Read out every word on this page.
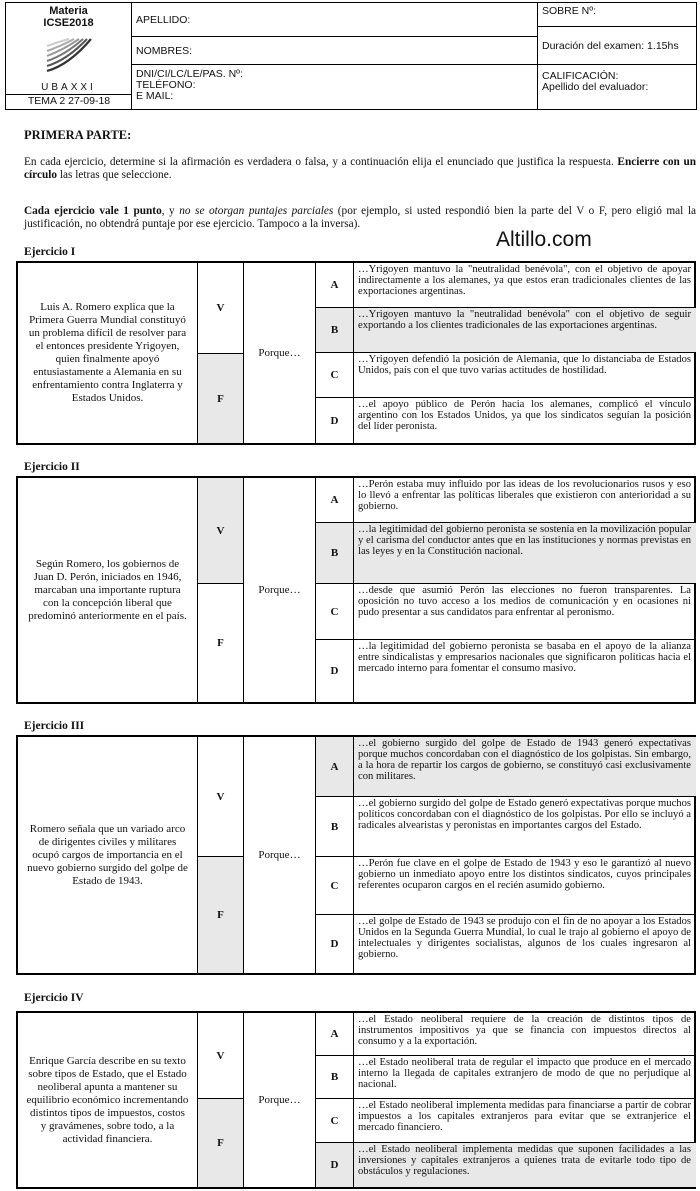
Materia
ICSE2018
UBAXXI
TEMA 2 27-09-18
APELLIDO:
NOMBRES:
DNI/CI/LC/LE/PAS. Nº:
TELÉFONO:
E MAIL:
SOBRE Nº:
Duración del examen: 1.15hs
CALIFICACIÓN:
Apellido del evaluador:
PRIMERA PARTE:
En cada ejercicio, determine si la afirmación es verdadera o falsa, y a continuación elija el enunciado que justifica la respuesta. Encierre con un círculo las letras que seleccione.
Cada ejercicio vale 1 punto, y no se otorgan puntajes parciales (por ejemplo, si usted respondió bien la parte del V o F, pero eligió mal la justificación, no obtendrá puntaje por ese ejercicio. Tampoco a la inversa).
Altillo.com
Ejercicio I
Luis A. Romero explica que la Primera Guerra Mundial constituyó un problema difícil de resolver para el entonces presidente Yrigoyen, quien finalmente apoyó entusiastamente a Alemania en su enfrentamiento contra Inglaterra y Estados Unidos.
V
F
Porque…
A
…Yrigoyen mantuvo la "neutralidad benévola", con el objetivo de apoyar indirectamente a los alemanes, ya que estos eran tradicionales clientes de las exportaciones argentinas.
B
…Yrigoyen mantuvo la "neutralidad benévola" con el objetivo de seguir exportando a los clientes tradicionales de las exportaciones argentinas.
C
…Yrigoyen defendió la posición de Alemania, que lo distanciaba de Estados Unidos, país con el que tuvo varias actitudes de hostilidad.
D
…el apoyo público de Perón hacia los alemanes, complicó el vínculo argentino con los Estados Unidos, ya que los sindicatos seguían la posición del líder peronista.
Ejercicio II
Según Romero, los gobiernos de Juan D. Perón, iniciados en 1946, marcaban una importante ruptura con la concepción liberal que predominó anteriormente en el país.
V
F
Porque…
A
…Perón estaba muy influido por las ideas de los revolucionarios rusos y eso lo llevó a enfrentar las políticas liberales que existieron con anterioridad a su gobierno.
B
…la legitimidad del gobierno peronista se sostenía en la movilización popular y el carisma del conductor antes que en las instituciones y normas previstas en las leyes y en la Constitución nacional.
C
…desde que asumió Perón las elecciones no fueron transparentes. La oposición no tuvo acceso a los medios de comunicación y en ocasiones ni pudo presentar a sus candidatos para enfrentar al peronismo.
D
…la legitimidad del gobierno peronista se basaba en el apoyo de la alianza entre sindicalistas y empresarios nacionales que significaron políticas hacia el mercado interno para fomentar el consumo masivo.
Ejercicio III
Romero señala que un variado arco de dirigentes civiles y militares ocupó cargos de importancia en el nuevo gobierno surgido del golpe de Estado de 1943.
V
F
Porque…
A
…el gobierno surgido del golpe de Estado de 1943 generó expectativas porque muchos concordaban con el diagnóstico de los golpistas. Sin embargo, a la hora de repartir los cargos de gobierno, se constituyó casi exclusivamente con militares.
B
…el gobierno surgido del golpe de Estado generó expectativas porque muchos políticos concordaban con el diagnóstico de los golpistas. Por ello se incluyó a radicales alvearistas y peronistas en importantes cargos del Estado.
C
…Perón fue clave en el golpe de Estado de 1943 y eso le garantizó al nuevo gobierno un inmediato apoyo entre los distintos sindicatos, cuyos principales referentes ocuparon cargos en el recién asumido gobierno.
D
…el golpe de Estado de 1943 se produjo con el fin de no apoyar a los Estados Unidos en la Segunda Guerra Mundial, lo cual le trajo al gobierno el apoyo de intelectuales y dirigentes socialistas, algunos de los cuales ingresaron al gobierno.
Ejercicio IV
Enrique García describe en su texto sobre tipos de Estado, que el Estado neoliberal apunta a mantener su equilibrio económico incrementando distintos tipos de impuestos, costos y gravámenes, sobre todo, a la actividad financiera.
V
F
Porque…
A
…el Estado neoliberal requiere de la creación de distintos tipos de instrumentos impositivos ya que se financia con impuestos directos al consumo y a la exportación.
B
…el Estado neoliberal trata de regular el impacto que produce en el mercado interno la llegada de capitales extranjero de modo de que no perjudique al nacional.
C
…el Estado neoliberal implementa medidas para financiarse a partir de cobrar impuestos a los capitales extranjeros para evitar que se extranjerice el mercado financiero.
D
…el Estado neoliberal implementa medidas que suponen facilidades a las inversiones y capitales extranjeros a quienes trata de evitarle todo tipo de obstáculos y regulaciones.
